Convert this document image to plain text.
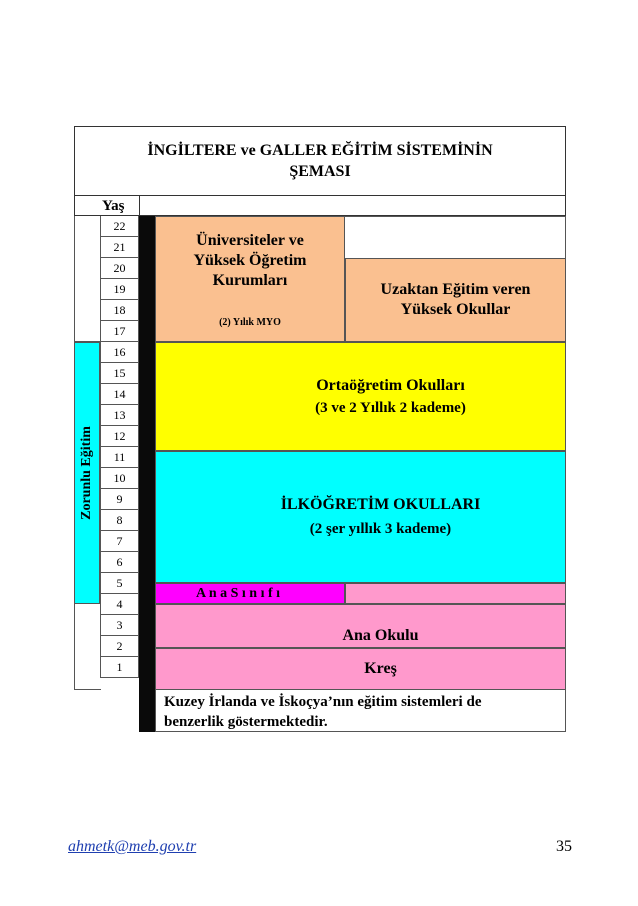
İNGİLTERE ve GALLER EĞİTİM SİSTEMİNİN
ŞEMASI
Yaş
Zorunlu Eğitim
22
21
20
19
18
17
16
15
14
13
12
11
10
9
8
7
6
5
4
3
2
1
Üniversiteler ve
Yüksek Öğretim
Kurumları
(2) Yılık MYO
Uzaktan Eğitim veren
Yüksek Okullar
Ortaöğretim Okulları
(3 ve 2 Yıllık 2 kademe)
İLKÖĞRETİM OKULLARI
(2 şer yıllık 3 kademe)
A n a S ı n ı f ı
Ana Okulu
Kreş
Kuzey İrlanda ve İskoçya’nın eğitim sistemleri de
benzerlik göstermektedir.
ahmetk@meb.gov.tr	35
